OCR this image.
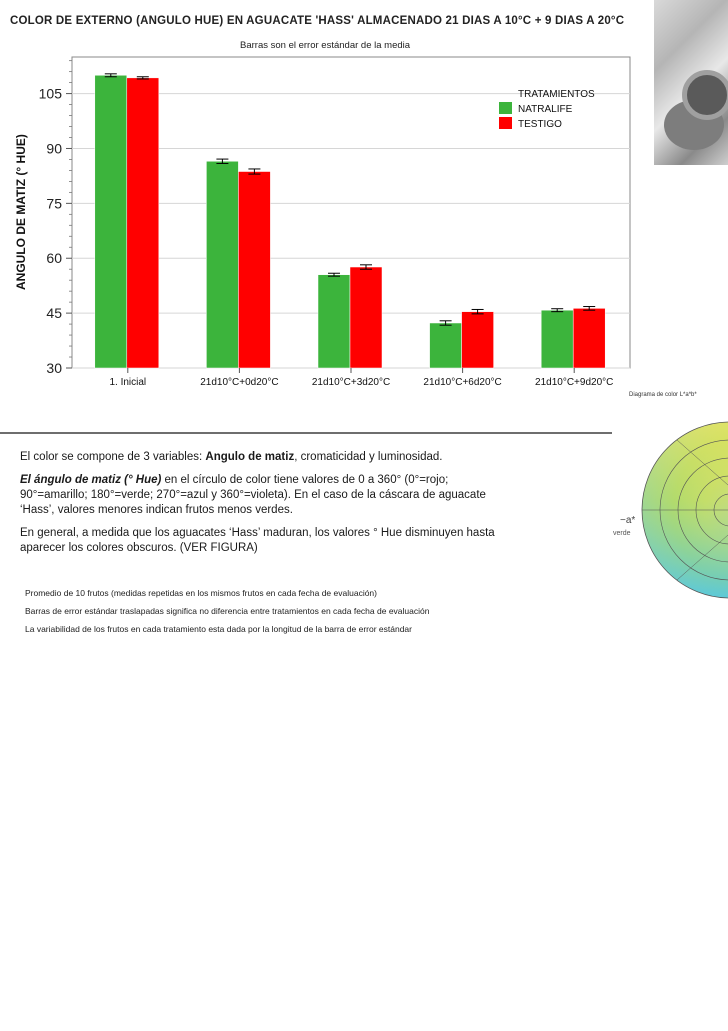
COLOR DE EXTERNO (ANGULO HUE) EN AGUACATE 'HASS' ALMACENADO 21 DIAS A 10°C + 9 DIAS A 20°C
Barras son el error estándar de la media
ANGULO DE MATIZ (° HUE)
30
45
60
75
90
105
1. Inicial	21d10°C+0d20°C	21d10°C+3d20°C	21d10°C+6d20°C	21d10°C+9d20°C
TRATAMIENTOS
NATRALIFE
TESTIGO
Diagrama de color L*a*b*
−a*
verde

El color se compone de 3 variables: Angulo de matiz, cromaticidad y luminosidad.

El ángulo de matiz (° Hue) en el círculo de color tiene valores de 0 a 360° (0°=rojo; 90°=amarillo; 180°=verde; 270°=azul y 360°=violeta). En el caso de la cáscara de aguacate ‘Hass’, valores menores indican frutos menos verdes.

En general, a medida que los aguacates ‘Hass’ maduran, los valores ° Hue disminuyen hasta aparecer los colores obscuros. (VER FIGURA)

Promedio de 10 frutos (medidas repetidas en los mismos frutos en cada fecha de evaluación)
Barras de error estándar traslapadas significa no diferencia entre tratamientos en cada fecha de evaluación
La variabilidad de los frutos en cada tratamiento esta dada por la longitud de la barra de error estándar
